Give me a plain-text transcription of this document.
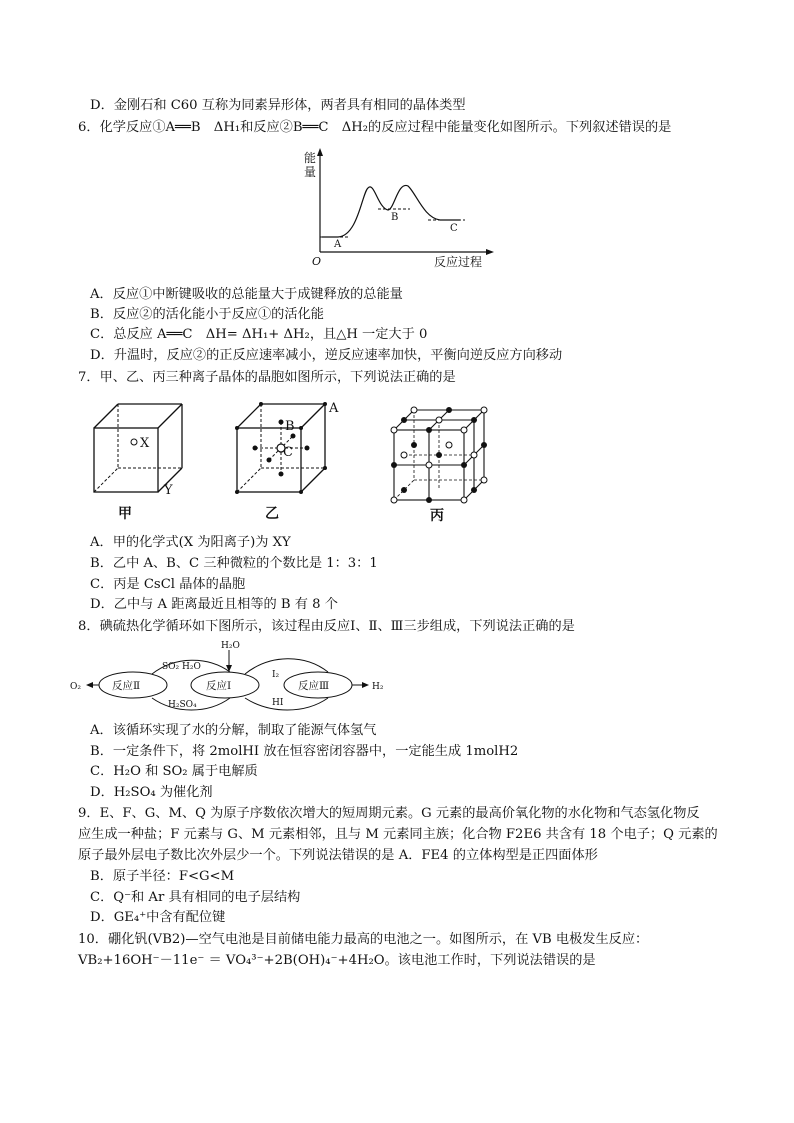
D．金刚石和 C60 互称为同素异形体，两者具有相同的晶体类型
6．化学反应①A══B　ΔH₁和反应②B══C　ΔH₂的反应过程中能量变化如图所示。下列叙述错误的是
能
量
O	反应过程
A
B
C
A．反应①中断键吸收的总能量大于成键释放的总能量
B．反应②的活化能小于反应①的活化能
C．总反应 A══C　ΔH= ΔH₁+ ΔH₂，且△H 一定大于 0
D．升温时，反应②的正反应速率减小，逆反应速率加快，平衡向逆反应方向移动
7．甲、乙、丙三种离子晶体的晶胞如图所示，下列说法正确的是
X
Y
甲
A
B
C
乙	丙
A．甲的化学式(X 为阳离子)为 XY
B．乙中 A、B、C 三种微粒的个数比是 1：3：1
C．丙是 CsCl 晶体的晶胞
D．乙中与 A 距离最近且相等的 B 有 8 个
8．碘硫热化学循环如下图所示，该过程由反应Ⅰ、Ⅱ、Ⅲ三步组成，下列说法正确的是
H₂O
O₂	H₂
反应Ⅱ	反应Ⅰ	反应Ⅲ
SO₂ H₂O
H₂SO₄
I₂
HI
A．该循环实现了水的分解，制取了能源气体氢气
B．一定条件下，将 2molHI 放在恒容密闭容器中，一定能生成 1molH2
C．H₂O 和 SO₂ 属于电解质
D．H₂SO₄ 为催化剂
9．E、F、G、M、Q 为原子序数依次增大的短周期元素。G 元素的最高价氧化物的水化物和气态氢化物反
应生成一种盐；F 元素与 G、M 元素相邻，且与 M 元素同主族；化合物 F2E6 共含有 18 个电子；Q 元素的
原子最外层电子数比次外层少一个。下列说法错误的是 A．FE4 的立体构型是正四面体形
B．原子半径：F<G<M
C．Q⁻和 Ar 具有相同的电子层结构
D．GE₄⁺中含有配位键
10．硼化钒(VB2)—空气电池是目前储电能力最高的电池之一。如图所示，在 VB 电极发生反应：
VB₂+16OH⁻－11e⁻ ＝ VO₄³⁻+2B(OH)₄⁻+4H₂O。该电池工作时，下列说法错误的是
